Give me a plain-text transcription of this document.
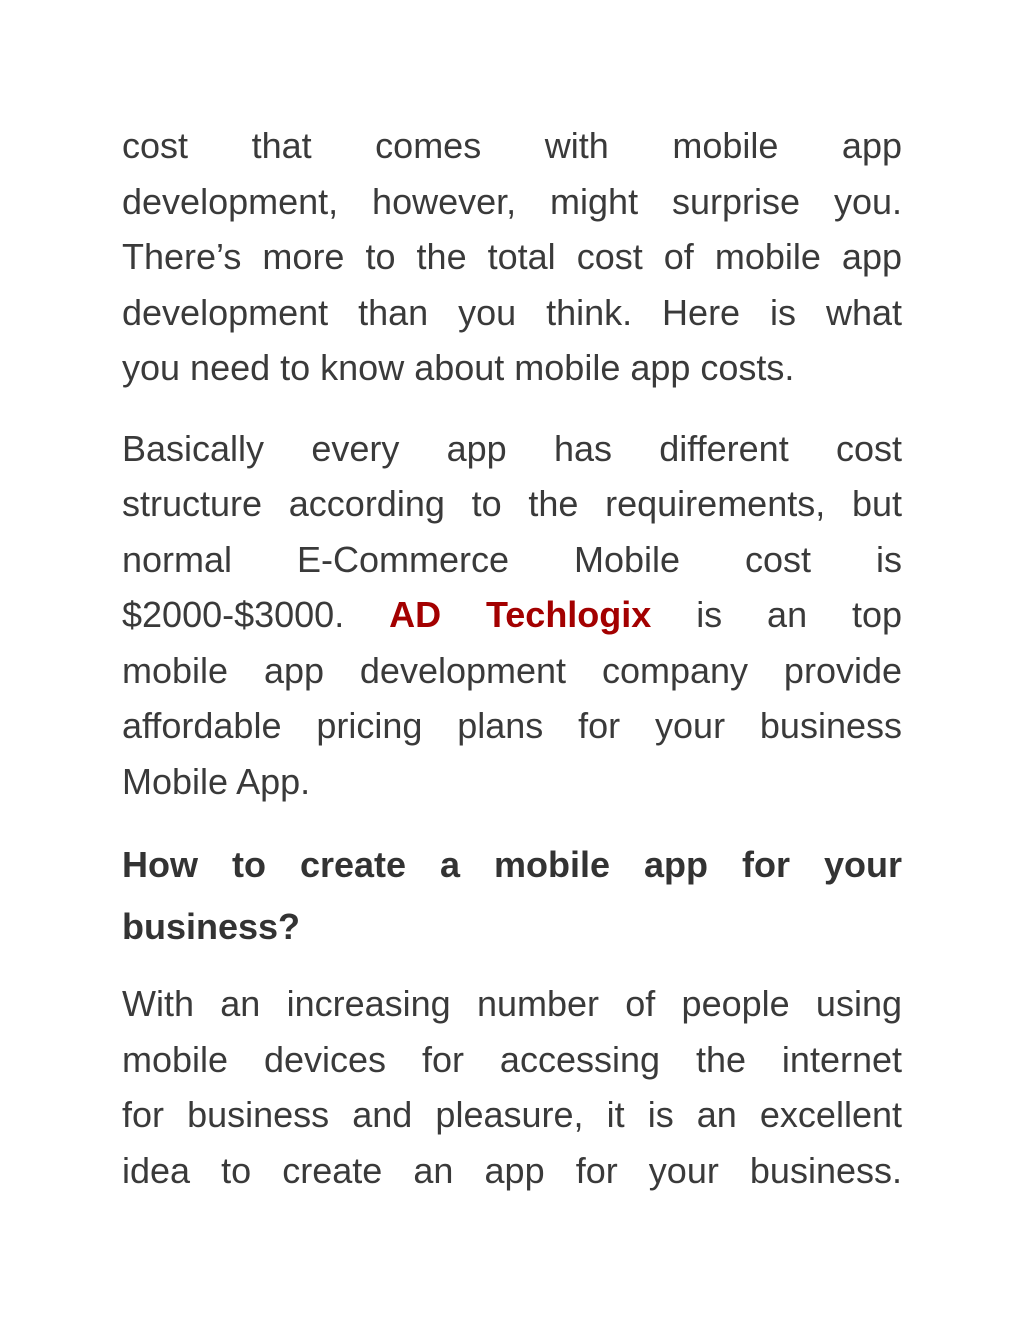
cost that comes with mobile app
development, however, might surprise you.
There’s more to the total cost of mobile app
development than you think. Here is what
you need to know about mobile app costs.
Basically every app has different cost
structure according to the requirements, but
normal E-Commerce Mobile cost is
$2000-$3000. AD Techlogix is an top
mobile app development company provide
affordable pricing plans for your business
Mobile App.
How to create a mobile app for your
business?
With an increasing number of people using
mobile devices for accessing the internet
for business and pleasure, it is an excellent
idea to create an app for your business.
